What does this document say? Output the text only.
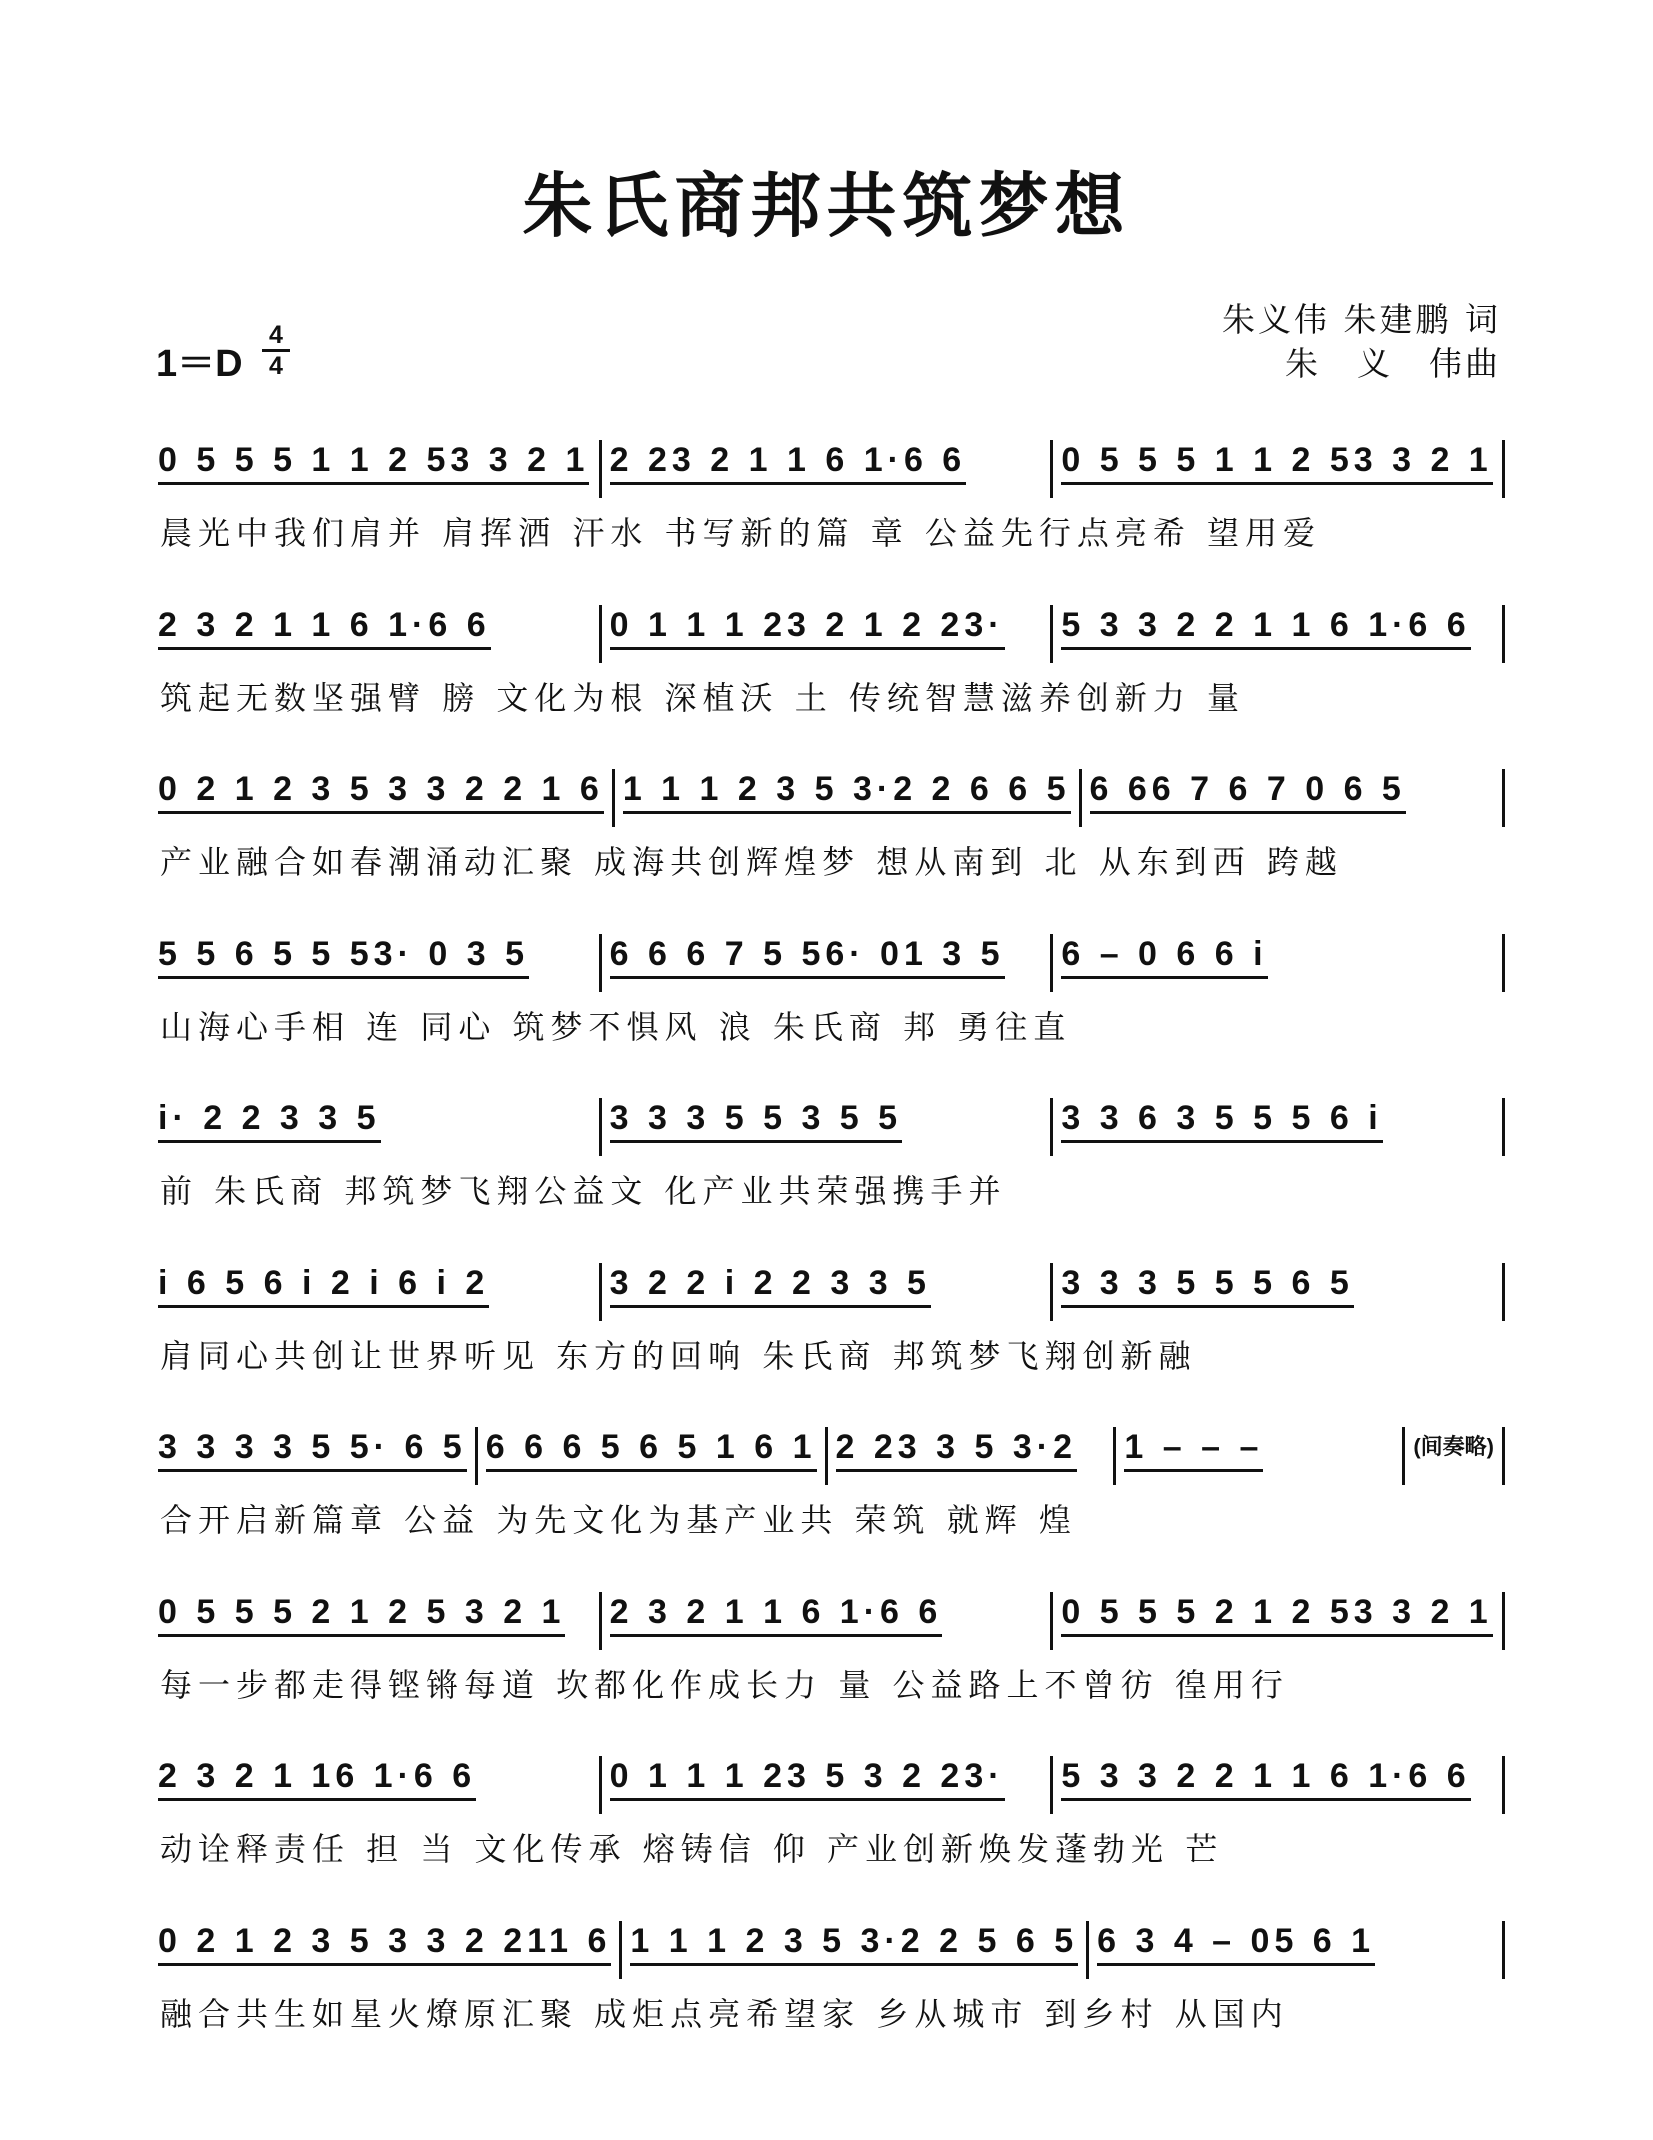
朱氏商邦共筑梦想
朱义伟 朱建鹏 词
朱　义　伟曲
1＝D
4
4
0 5 5 5 1 1 2 53 3 2 1 2 23 2 1 1 6 1·6 6	0 5 5 5 1 1 2 53 3 2 1
晨光中我们肩并 肩挥洒 汗水 书写新的篇 章 公益先行点亮希 望用爱
2 3 2 1 1 6 1·6 6	0 1 1 1 23 2 1 2 23· 5 3 3 2 2 1 1 6 1·6 6
筑起无数坚强臂 膀 文化为根 深植沃 土 传统智慧滋养创新力 量
0 2 1 2 3 5 3 3 2 2 1 6 1 1 1 2 3 5 3·2 2 6 6 5 6 66 7 6 7 0 6 5
产业融合如春潮涌动汇聚 成海共创辉煌梦 想从南到 北 从东到西 跨越
5 5 6 5 5 53· 0 3 5 6 6 6 7 5 56· 01 3 5 6 – 0 6 6 i
山海心手相 连 同心 筑梦不惧风 浪 朱氏商 邦 勇往直
i· 2 2 3 3 5	3 3 3 5 5 3 5 5	3 3 6 3 5 5 5 6 i
前 朱氏商 邦筑梦飞翔公益文 化产业共荣强携手并
i 6 5 6 i 2 i 6 i 2	3 2 2 i 2 2 3 3 5	3 3 3 5 5 5 6 5
肩同心共创让世界听见 东方的回响 朱氏商 邦筑梦飞翔创新融
3 3 3 3 5 5· 6 5 6 6 6 5 6 5 1 6 1 2 23 3 5 3·2 1 – – –	(间奏略)
合开启新篇章 公益 为先文化为基产业共 荣筑 就辉 煌
0 5 5 5 2 1 2 5 3 2 1 2 3 2 1 1 6 1·6 6	0 5 5 5 2 1 2 53 3 2 1
每一步都走得铿锵每道 坎都化作成长力 量 公益路上不曾彷 徨用行
2 3 2 1 16 1·6 6	0 1 1 1 23 5 3 2 23· 5 3 3 2 2 1 1 6 1·6 6
动诠释责任 担 当 文化传承 熔铸信 仰 产业创新焕发蓬勃光 芒
0 2 1 2 3 5 3 3 2 211 6 1 1 1 2 3 5 3·2 2 5 6 5 6 3 4 – 05 6 1
融合共生如星火燎原汇聚 成炬点亮希望家 乡从城市 到乡村 从国内
